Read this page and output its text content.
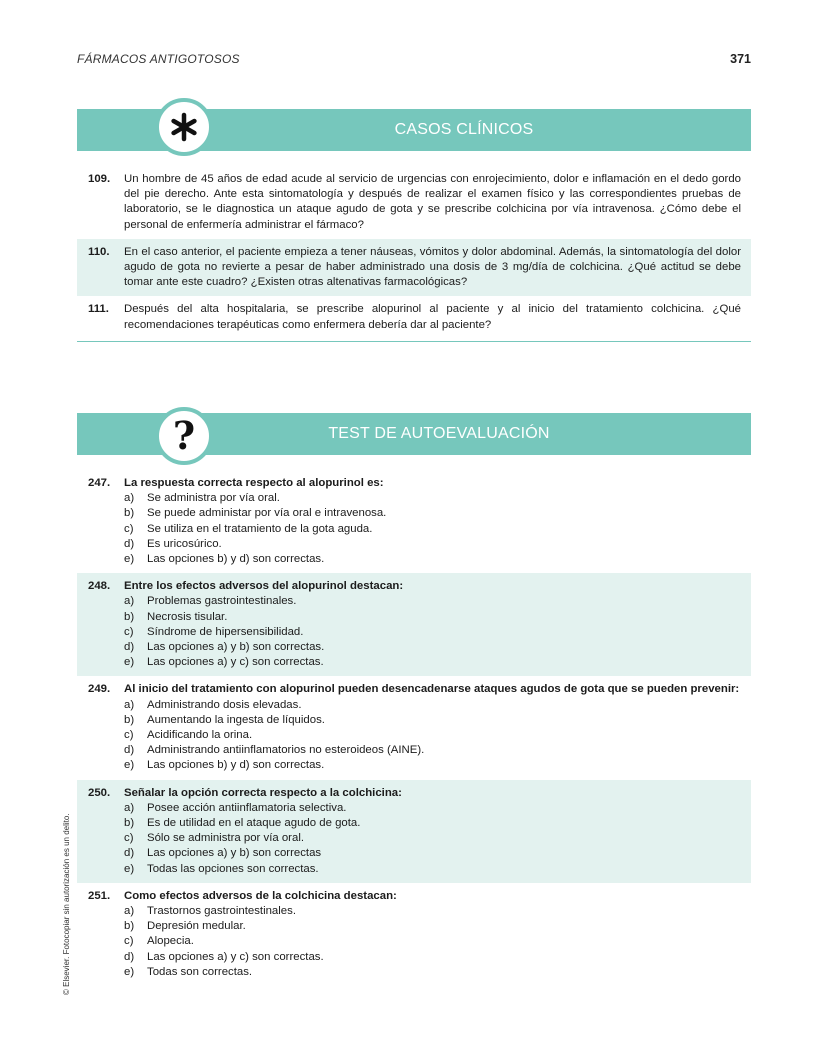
FÁRMACOS ANTIGOTOSOS	371
CASOS CLÍNICOS
109. Un hombre de 45 años de edad acude al servicio de urgencias con enrojecimiento, dolor e inflamación en el dedo gordo del pie derecho. Ante esta sintomatología y después de realizar el examen físico y las correspondientes pruebas de laboratorio, se le diagnostica un ataque agudo de gota y se prescribe colchicina por vía intravenosa. ¿Cómo debe el personal de enfermería administrar el fármaco?
110. En el caso anterior, el paciente empieza a tener náuseas, vómitos y dolor abdominal. Además, la sintomatología del dolor agudo de gota no revierte a pesar de haber administrado una dosis de 3 mg/día de colchicina. ¿Qué actitud se debe tomar ante este cuadro? ¿Existen otras altenativas farmacológicas?
111. Después del alta hospitalaria, se prescribe alopurinol al paciente y al inicio del tratamiento colchicina. ¿Qué recomendaciones terapéuticas como enfermera debería dar al paciente?
TEST DE AUTOEVALUACIÓN
?
247. La respuesta correcta respecto al alopurinol es:
a)	Se administra por vía oral.
b)	Se puede administar por vía oral e intravenosa.
c)	Se utiliza en el tratamiento de la gota aguda.
d)	Es uricosúrico.
e)	Las opciones b) y d) son correctas.
248. Entre los efectos adversos del alopurinol destacan:
a)	Problemas gastrointestinales.
b)	Necrosis tisular.
c)	Síndrome de hipersensibilidad.
d)	Las opciones a) y b) son correctas.
e)	Las opciones a) y c) son correctas.
249. Al inicio del tratamiento con alopurinol pueden desencadenarse ataques agudos de gota que se pueden prevenir:
a)	Administrando dosis elevadas.
b)	Aumentando la ingesta de líquidos.
c)	Acidificando la orina.
d)	Administrando antiinflamatorios no esteroideos (AINE).
e)	Las opciones b) y d) son correctas.
250. Señalar la opción correcta respecto a la colchicina:
a)	Posee acción antiinflamatoria selectiva.
b)	Es de utilidad en el ataque agudo de gota.
c)	Sólo se administra por vía oral.
d)	Las opciones a) y b) son correctas
e)	Todas las opciones son correctas.
251. Como efectos adversos de la colchicina destacan:
a)	Trastornos gastrointestinales.
b)	Depresión medular.
c)	Alopecia.
d)	Las opciones a) y c) son correctas.
e)	Todas son correctas.
© Elsevier. Fotocopiar sin autorización es un delito.
